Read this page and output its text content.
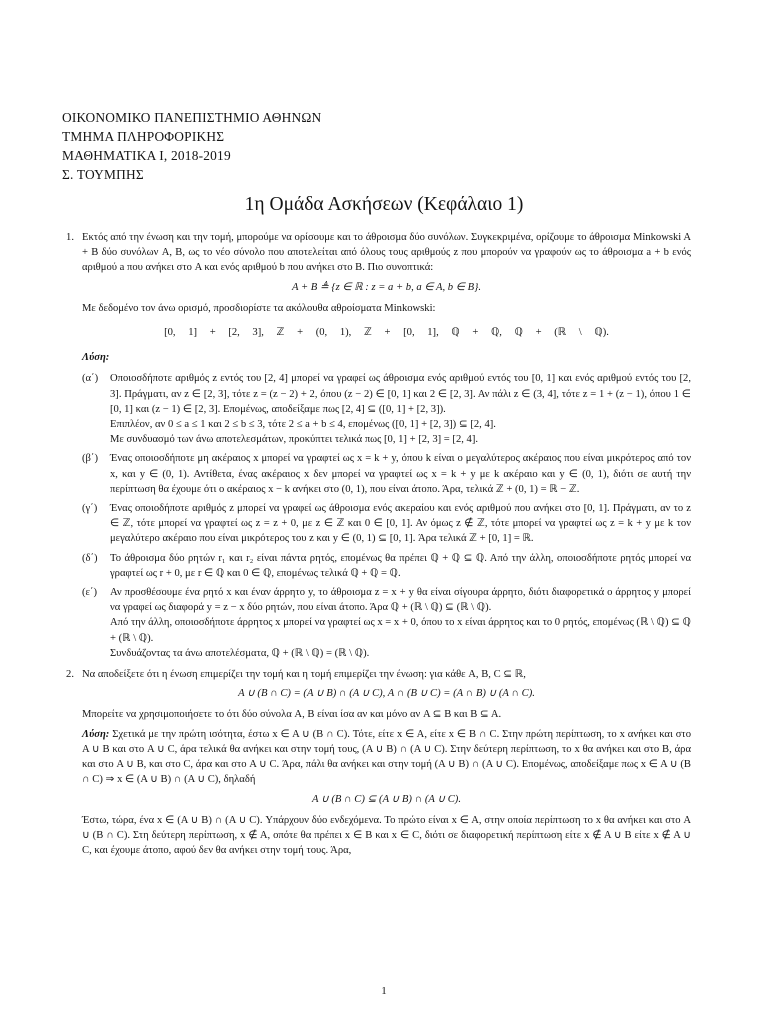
ΟΙΚΟΝΟΜΙΚΟ ΠΑΝΕΠΙΣΤΗΜΙΟ ΑΘΗΝΩΝ
ΤΜΗΜΑ ΠΛΗΡΟΦΟΡΙΚΗΣ
ΜΑΘΗΜΑΤΙΚΑ Ι, 2018-2019
Σ. ΤΟΥΜΠΗΣ
1η Ομάδα Ασκήσεων (Κεφάλαιο 1)
1. Εκτός από την ένωση και την τομή, μπορούμε να ορίσουμε και το άθροισμα δύο συνόλων. Συγκεκριμένα, ορίζουμε το άθροισμα Minkowski A + B δύο συνόλων A, B, ως το νέο σύνολο που αποτελείται από όλους τους αριθμούς z που μπορούν να γραφούν ως το άθροισμα a + b ενός αριθμού a που ανήκει στο A και ενός αριθμού b που ανήκει στο B. Πιο συνοπτικά:

A + B ≜ {z ∈ ℝ : z = a + b, a ∈ A, b ∈ B}.

Με δεδομένο τον άνω ορισμό, προσδιορίστε τα ακόλουθα αθροίσματα Minkowski:

[0, 1] + [2, 3], ℤ + (0, 1), ℤ + [0, 1], ℚ + ℚ, ℚ + (ℝ \ ℚ).
Λύση:
(α΄) Οποιοσδήποτε αριθμός z εντός του [2, 4] μπορεί να γραφεί ως άθροισμα ενός αριθμού εντός του [0, 1] και ενός αριθμού εντός του [2, 3]. Πράγματι, αν z ∈ [2, 3], τότε z = (z − 2) + 2, όπου (z − 2) ∈ [0, 1] και 2 ∈ [2, 3]. Αν πάλι z ∈ (3, 4], τότε z = 1 + (z − 1), όπου 1 ∈ [0, 1] και (z − 1) ∈ [2, 3]. Επομένως, αποδείξαμε πως [2, 4] ⊆ ([0, 1] + [2, 3]).

Επιπλέον, αν 0 ≤ a ≤ 1 και 2 ≤ b ≤ 3, τότε 2 ≤ a + b ≤ 4, επομένως ([0, 1] + [2, 3]) ⊆ [2, 4].

Με συνδυασμό των άνω αποτελεσμάτων, προκύπτει τελικά πως [0, 1] + [2, 3] = [2, 4].

(β΄) Ένας οποιοσδήποτε μη ακέραιος x μπορεί να γραφτεί ως x = k + y, όπου k είναι ο μεγαλύτερος ακέραιος που είναι μικρότερος από τον x, και y ∈ (0, 1). Αντίθετα, ένας ακέραιος x δεν μπορεί να γραφτεί ως x = k + y με k ακέραιο και y ∈ (0, 1), διότι σε αυτή την περίπτωση θα έχουμε ότι ο ακέραιος x − k ανήκει στο (0, 1), που είναι άτοπο. Άρα, τελικά ℤ + (0, 1) = ℝ − ℤ.

(γ΄) Ένας οποιοδήποτε αριθμός z μπορεί να γραφεί ως άθροισμα ενός ακεραίου και ενός αριθμού που ανήκει στο [0, 1]. Πράγματι, αν το z ∈ ℤ, τότε μπορεί να γραφτεί ως z = z + 0, με z ∈ ℤ και 0 ∈ [0, 1]. Αν όμως z ∉ ℤ, τότε μπορεί να γραφτεί ως z = k + y με k τον μεγαλύτερο ακέραιο που είναι μικρότερος του z και y ∈ (0, 1) ⊆ [0, 1]. Άρα τελικά ℤ + [0, 1] = ℝ.

(δ΄) Το άθροισμα δύο ρητών r₁ και r₂ είναι πάντα ρητός, επομένως θα πρέπει ℚ + ℚ ⊆ ℚ. Από την άλλη, οποιοσδήποτε ρητός μπορεί να γραφτεί ως r + 0, με r ∈ ℚ και 0 ∈ ℚ, επομένως τελικά ℚ + ℚ = ℚ.

(ε΄) Αν προσθέσουμε ένα ρητό x και έναν άρρητο y, το άθροισμα z = x + y θα είναι σίγουρα άρρητο, διότι διαφορετικά ο άρρητος y μπορεί να γραφεί ως διαφορά y = z − x δύο ρητών, που είναι άτοπο. Άρα ℚ + (ℝ \ ℚ) ⊆ (ℝ \ ℚ).

Από την άλλη, οποιοσδήποτε άρρητος x μπορεί να γραφτεί ως x = x + 0, όπου το x είναι άρρητος και το 0 ρητός, επομένως (ℝ \ ℚ) ⊆ ℚ + (ℝ \ ℚ).

Συνδυάζοντας τα άνω αποτελέσματα, ℚ + (ℝ \ ℚ) = (ℝ \ ℚ).

2. Να αποδείξετε ότι η ένωση επιμερίζει την τομή και η τομή επιμερίζει την ένωση: για κάθε A, B, C ⊆ ℝ,

A ∪ (B ∩ C) = (A ∪ B) ∩ (A ∪ C), A ∩ (B ∪ C) = (A ∩ B) ∪ (A ∩ C).

Μπορείτε να χρησιμοποιήσετε το ότι δύο σύνολα A, B είναι ίσα αν και μόνο αν A ⊆ B και B ⊆ A.

Λύση: Σχετικά με την πρώτη ισότητα, έστω x ∈ A ∪ (B ∩ C). Τότε, είτε x ∈ A, είτε x ∈ B ∩ C. Στην πρώτη περίπτωση, το x ανήκει και στο A ∪ B και στο A ∪ C, άρα τελικά θα ανήκει και στην τομή τους, (A ∪ B) ∩ (A ∪ C). Στην δεύτερη περίπτωση, το x θα ανήκει και στο B, άρα και στο A ∪ B, και στο C, άρα και στο A ∪ C. Άρα, πάλι θα ανήκει και στην τομή (A ∪ B) ∩ (A ∪ C). Επομένως, αποδείξαμε πως x ∈ A ∪ (B ∩ C) ⇒ x ∈ (A ∪ B) ∩ (A ∪ C), δηλαδή

A ∪ (B ∩ C) ⊆ (A ∪ B) ∩ (A ∪ C).

Έστω, τώρα, ένα x ∈ (A ∪ B) ∩ (A ∪ C). Υπάρχουν δύο ενδεχόμενα. Το πρώτο είναι x ∈ A, στην οποία περίπτωση το x θα ανήκει και στο A ∪ (B ∩ C). Στη δεύτερη περίπτωση, x ∉ A, οπότε θα πρέπει x ∈ B και x ∈ C, διότι σε διαφορετική περίπτωση είτε x ∉ A ∪ B είτε x ∉ A ∪ C, και έχουμε άτοπο, αφού δεν θα ανήκει στην τομή τους. Άρα,

1
